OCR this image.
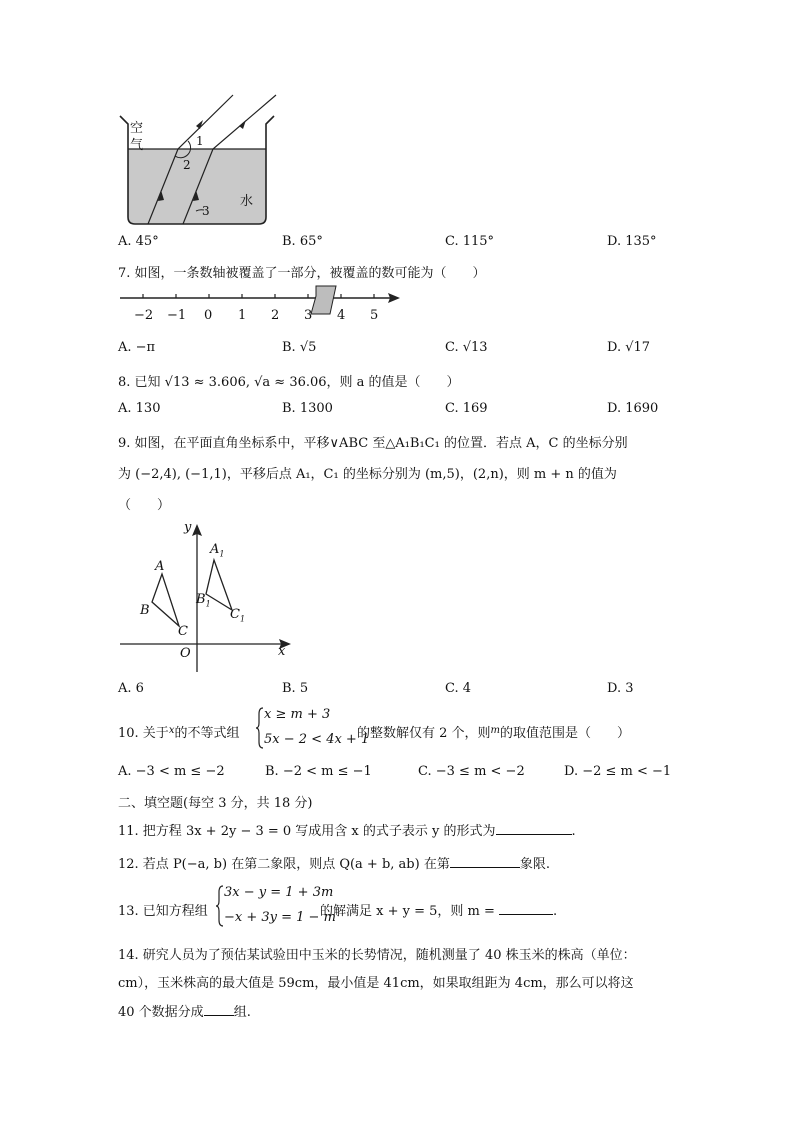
空
气	1
2
3
水
A. 45°	B. 65°	C. 115°	D. 135°
7. 如图，一条数轴被覆盖了一部分，被覆盖的数可能为（　　）
−2 −1 0 1 2 3 4 5
A. −π	B. √5	C. √13	D. √17
8. 已知 √13 ≈ 3.606, √a ≈ 36.06，则 a 的值是（　　）
A. 130	B. 1300	C. 169	D. 1690
9. 如图，在平面直角坐标系中，平移∨ABC 至△A₁B₁C₁ 的位置．若点 A，C 的坐标分别
为 (−2,4), (−1,1)，平移后点 A₁，C₁ 的坐标分别为 (m,5)，(2,n)，则 m + n 的值为
（　　）
y
x
O
A
B
C
$A_1$
$B_1$
$C_1$
A. 6	B. 5	C. 4	D. 3
10. 关于$^x$的不等式组
x ≥ m + 3
5x − 2 < 4x + 1
的整数解仅有 2 个，则$^m$的取值范围是（　　）
A. −3 < m ≤ −2	B. −2 < m ≤ −1	C. −3 ≤ m < −2	D. −2 ≤ m < −1
二、填空题(每空 3 分，共 18 分)
11. 把方程 3x + 2y − 3 = 0 写成用含 x 的式子表示 y 的形式为	.
12. 若点 P(−a, b) 在第二象限，则点 Q(a + b, ab) 在第	象限.
13. 已知方程组
3x − y = 1 + 3m
−x + 3y = 1 − m
的解满足 x + y = 5，则 m =	.
14. 研究人员为了预估某试验田中玉米的长势情况，随机测量了 40 株玉米的株高（单位：
cm），玉米株高的最大值是 59cm，最小值是 41cm，如果取组距为 4cm，那么可以将这
40 个数据分成 组.
